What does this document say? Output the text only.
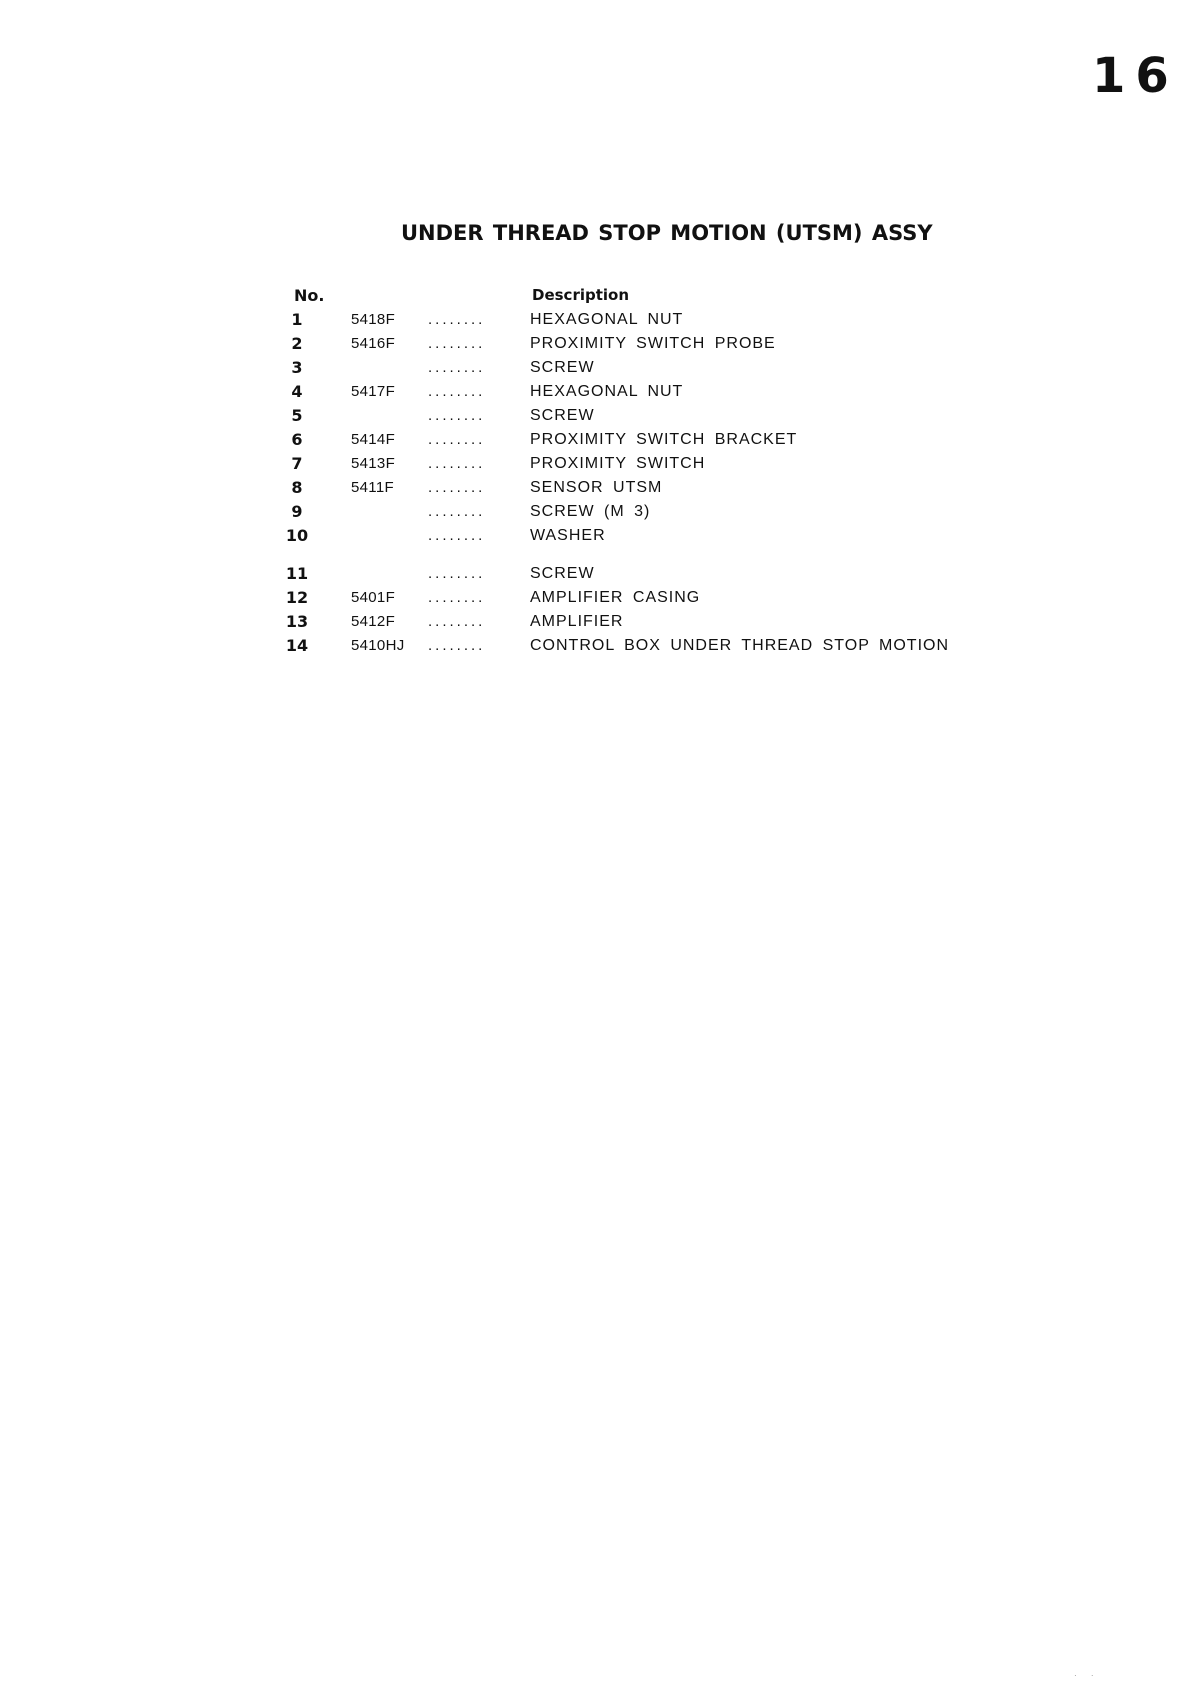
16
UNDER THREAD STOP MOTION (UTSM) ASSY
No.	Description
1	5418F ........	HEXAGONAL NUT
2	5416F ........	PROXIMITY SWITCH PROBE
3	........	SCREW
4	5417F ........	HEXAGONAL NUT
5	........	SCREW
6	5414F ........	PROXIMITY SWITCH BRACKET
7	5413F ........	PROXIMITY SWITCH
8	5411F ........	SENSOR UTSM
9	........	SCREW (M 3)
10	........	WASHER
11	........	SCREW
12	5401F ........	AMPLIFIER CASING
13	5412F ........	AMPLIFIER
14	5410HJ ........	CONTROL BOX UNDER THREAD STOP MOTION
· ·
